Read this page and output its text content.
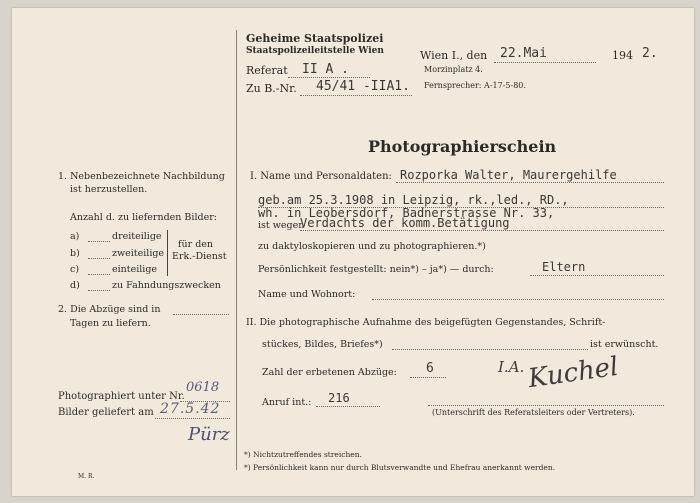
Geheime Staatspolizei
Staatspolizeileitstelle Wien
Referat II A .
Zu B.-Nr. 45/41 -IIA1.
Wien I., den 22.Mai	194 2.
Morzinplatz 4.
Fernsprecher: A-17-5-80.
Photographierschein
1. Nebenbezeichnete Nachbildung
ist herzustellen.
Anzahl d. zu liefernden Bilder:
a)	dreiteilige
b)	zweiteilige
c)	einteilige
für den
Erk.-Dienst
d)	zu Fahndungszwecken
2. Die Abzüge sind in
Tagen zu liefern.
Photographiert unter Nr.
0618
Bilder geliefert am 27.5.42
Pürz
M. R.
I. Name und Personaldaten: Rozporka Walter, Maurergehilfe
geb.am 25.3.1908 in Leipzig, rk.,led., RD.,
wh. in Leobersdorf, Badnerstrasse Nr. 33,
ist wegen
Verdachts der komm.Betätigung
zu daktyloskopieren und zu photographieren.*)
Persönlichkeit festgestellt: nein*) – ja*) — durch:	Eltern
Name und Wohnort:
II. Die photographische Aufnahme des beigefügten Gegenstandes, Schrift-
stückes, Bildes, Briefes*)	ist erwünscht.
Zahl der erbetenen Abzüge: 6
Anruf int.: 216
I.A. Kuchel
(Unterschrift des Referatsleiters oder Vertreters).
*) Nichtzutreffendes streichen.
*) Persönlichkeit kann nur durch Blutsverwandte und Ehefrau anerkannt werden.
